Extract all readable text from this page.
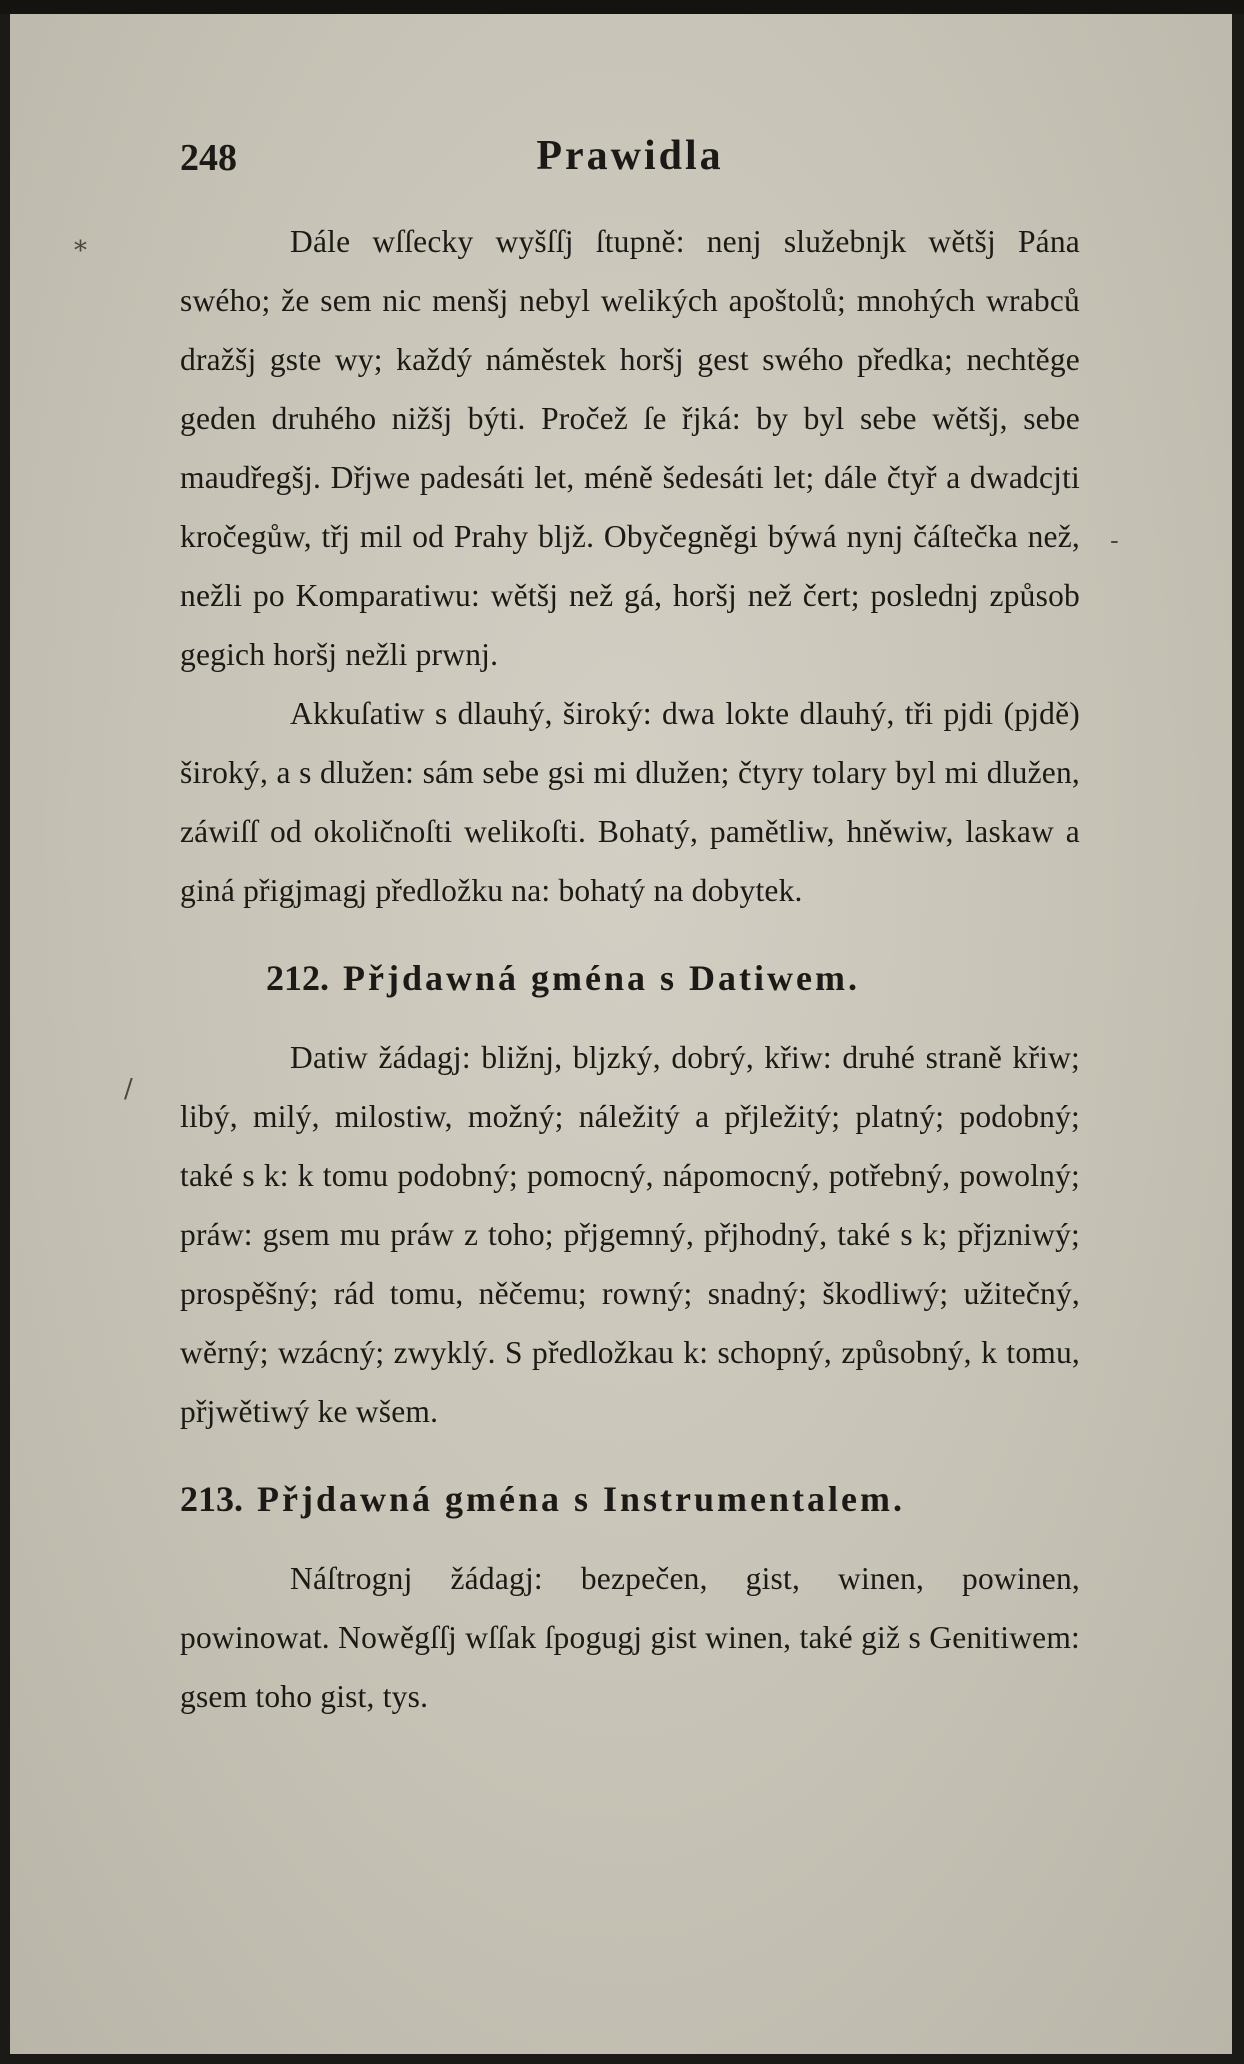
*
-
/
248	Prawidla

Dále wſſecky wyšſſj ſtupně: nenj služebnjk wětšj Pána swého; že sem nic menšj nebyl welikých apoštolů; mnohých wrabců dražšj gste wy; každý náměstek horšj gest swého předka; nechtěge geden druhého nižšj býti. Pročež ſe řjká: by byl sebe wětšj, sebe maudřegšj. Dřjwe padesáti let, méně šedesáti let; dále čtyř a dwadcjti kročegůw, třj mil od Prahy bljž. Obyčegněgi býwá nynj čáſtečka než, nežli po Komparatiwu: wětšj než gá, horšj než čert; poslednj způsob gegich horšj nežli prwnj.

Akkuſatiw s dlauhý, široký: dwa lokte dlauhý, tři pjdi (pjdě) široký, a s dlužen: sám sebe gsi mi dlužen; čtyry tolary byl mi dlužen, záwiſſ od okoličnoſti welikoſti. Bohatý, pamětliw, hněwiw, laskaw a giná přigjmagj předložku na: bohatý na dobytek.

212. Přjdawná gména s Datiwem.

Datiw žádagj: bližnj, bljzký, dobrý, křiw: druhé straně křiw; libý, milý, milostiw, možný; náležitý a přjležitý; platný; podobný; také s k: k tomu podobný; pomocný, nápomocný, potřebný, powolný; práw: gsem mu práw z toho; přjgemný, přjhodný, také s k; přjzniwý; prospěšný; rád tomu, něčemu; rowný; snadný; škodliwý; užitečný, wěrný; wzácný; zwyklý. S předložkau k: schopný, způsobný, k tomu, přjwětiwý ke wšem.

213. Přjdawná gména s Instrumentalem.

Náſtrognj žádagj: bezpečen, gist, winen, powinen, powinowat. Nowěgſſj wſſak ſpogugj gist winen, také giž s Genitiwem: gsem toho gist, tys.
